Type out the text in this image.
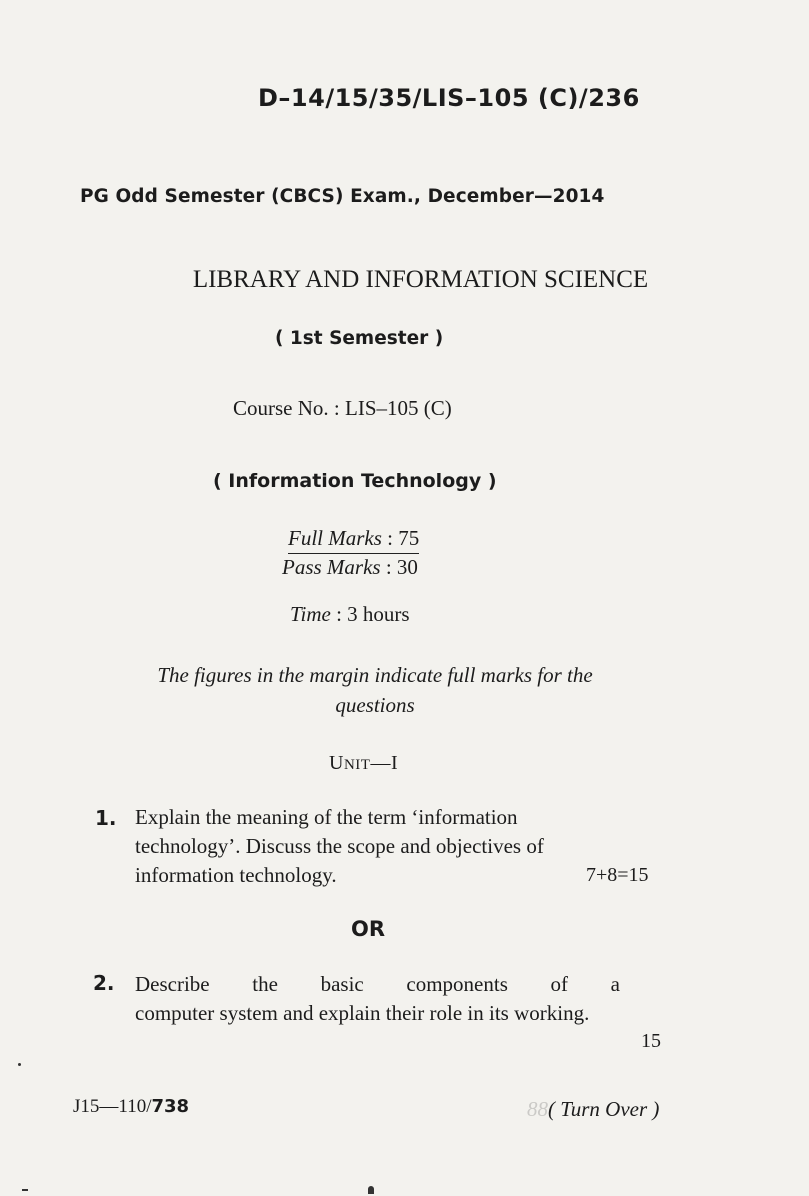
D–14/15/35/LIS–105 (C)/236
PG Odd Semester (CBCS) Exam., December—2014
LIBRARY AND INFORMATION SCIENCE
( 1st Semester )
Course No. : LIS–105 (C)
( Information Technology )
Full Marks : 75
Pass Marks : 30
Time : 3 hours
The figures in the margin indicate full marks for the questions
UNIT—I
1. Explain the meaning of the term ‘information technology’. Discuss the scope and objectives of information technology.	7+8=15
OR
2. Describe the basic components of a
computer system and explain their role in its working.
15
J15—110/738	88( Turn Over )
